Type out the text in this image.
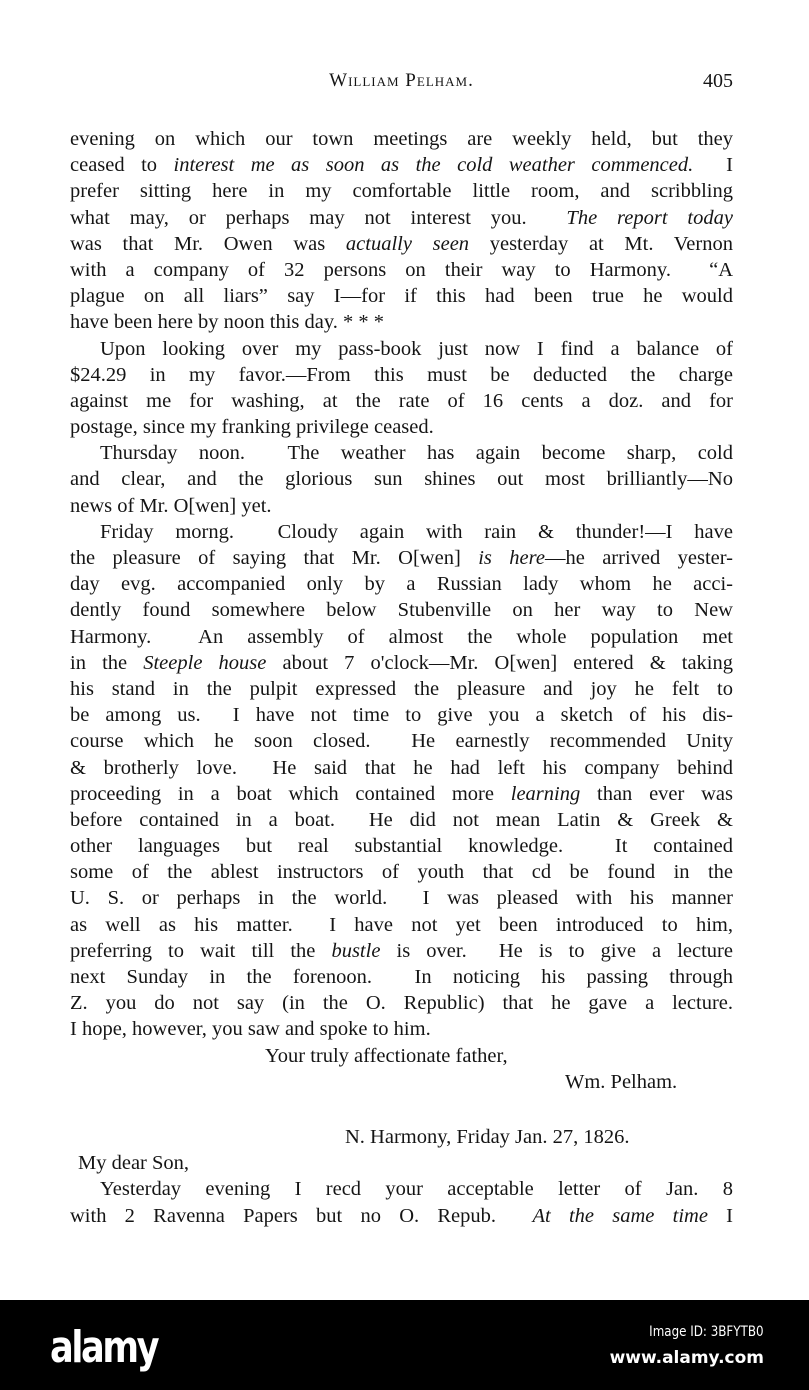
William Pelham.	405
evening on which our town meetings are weekly held, but they
ceased to interest me as soon as the cold weather commenced.  I
prefer sitting here in my comfortable little room, and scribbling
what may, or perhaps may not interest you.  The report today
was that Mr. Owen was actually seen yesterday at Mt. Vernon
with a company of 32 persons on their way to Harmony.  “A
plague on all liars” say I—for if this had been true he would
have been here by noon this day. * * *
Upon looking over my pass-book just now I find a balance of
$24.29 in my favor.—From this must be deducted the charge
against me for washing, at the rate of 16 cents a doz. and for
postage, since my franking privilege ceased.
Thursday noon.  The weather has again become sharp, cold
and clear, and the glorious sun shines out most brilliantly—No
news of Mr. O[wen] yet.
Friday morng.  Cloudy again with rain & thunder!—I have
the pleasure of saying that Mr. O[wen] is here—he arrived yester-
day evg. accompanied only by a Russian lady whom he acci-
dently found somewhere below Stubenville on her way to New
Harmony.  An assembly of almost the whole population met
in the Steeple house about 7 o'clock—Mr. O[wen] entered & taking
his stand in the pulpit expressed the pleasure and joy he felt to
be among us.  I have not time to give you a sketch of his dis-
course which he soon closed.  He earnestly recommended Unity
& brotherly love.  He said that he had left his company behind
proceeding in a boat which contained more learning than ever was
before contained in a boat.  He did not mean Latin & Greek &
other languages but real substantial knowledge.  It contained
some of the ablest instructors of youth that cd be found in the
U. S. or perhaps in the world.  I was pleased with his manner
as well as his matter.  I have not yet been introduced to him,
preferring to wait till the bustle is over.  He is to give a lecture
next Sunday in the forenoon.  In noticing his passing through
Z. you do not say (in the O. Republic) that he gave a lecture.
I hope, however, you saw and spoke to him.
Your truly affectionate father,
Wm. Pelham.
N. Harmony, Friday Jan. 27, 1826.
My dear Son,
Yesterday evening I recd your acceptable letter of Jan. 8
with 2 Ravenna Papers but no O. Repub.  At the same time I
alamy	Image ID: 3BFYTB0
www.alamy.com
